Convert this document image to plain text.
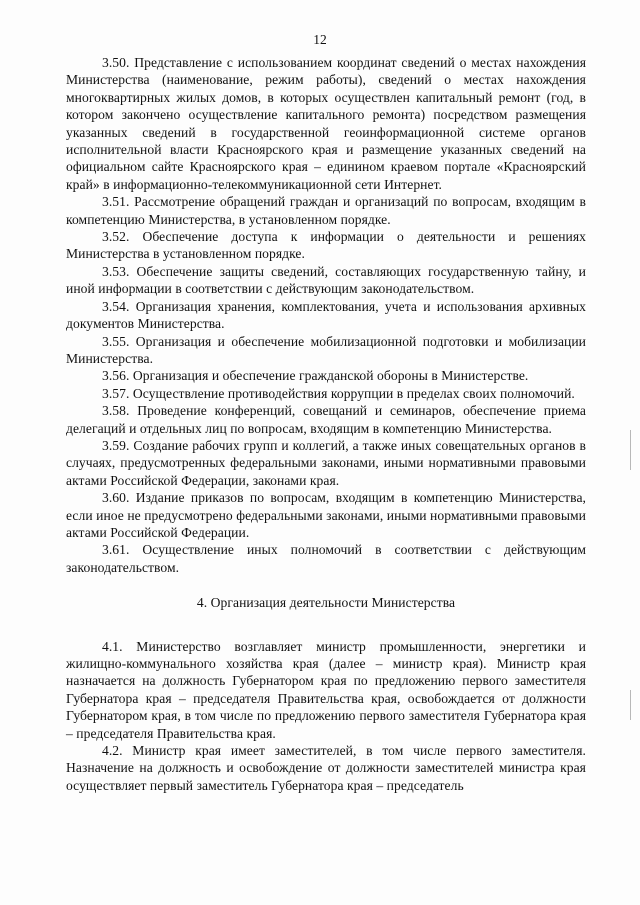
12

3.50. Представление с использованием координат сведений о местах нахождения Министерства (наименование, режим работы), сведений о местах нахождения многоквартирных жилых домов, в которых осуществлен капитальный ремонт (год, в котором закончено осуществление капитального ремонта) посредством размещения указанных сведений в государственной геоинформационной системе органов исполнительной власти Красноярского края и размещение указанных сведений на официальном сайте Красноярского края – единином краевом портале «Красноярский край» в информационно-телекоммуникационной сети Интернет.

3.51. Рассмотрение обращений граждан и организаций по вопросам, входящим в компетенцию Министерства, в установленном порядке.

3.52. Обеспечение доступа к информации о деятельности и решениях Министерства в установленном порядке.

3.53. Обеспечение защиты сведений, составляющих государственную тайну, и иной информации в соответствии с действующим законодательством.

3.54. Организация хранения, комплектования, учета и использования архивных документов Министерства.

3.55. Организация и обеспечение мобилизационной подготовки и мобилизации Министерства.

3.56. Организация и обеспечение гражданской обороны в Министерстве.

3.57. Осуществление противодействия коррупции в пределах своих полномочий.

3.58. Проведение конференций, совещаний и семинаров, обеспечение приема делегаций и отдельных лиц по вопросам, входящим в компетенцию Министерства.

3.59. Создание рабочих групп и коллегий, а также иных совещательных органов в случаях, предусмотренных федеральными законами, иными нормативными правовыми актами Российской Федерации, законами края.

3.60. Издание приказов по вопросам, входящим в компетенцию Министерства, если иное не предусмотрено федеральными законами, иными нормативными правовыми актами Российской Федерации.

3.61. Осуществление иных полномочий в соответствии с действующим законодательством.

4. Организация деятельности Министерства

4.1. Министерство возглавляет министр промышленности, энергетики и жилищно-коммунального хозяйства края (далее – министр края). Министр края назначается на должность Губернатором края по предложению первого заместителя Губернатора края – председателя Правительства края, освобождается от должности Губернатором края, в том числе по предложению первого заместителя Губернатора края – председателя Правительства края.

4.2. Министр края имеет заместителей, в том числе первого заместителя. Назначение на должность и освобождение от должности заместителей министра края осуществляет первый заместитель Губернатора края – председатель
